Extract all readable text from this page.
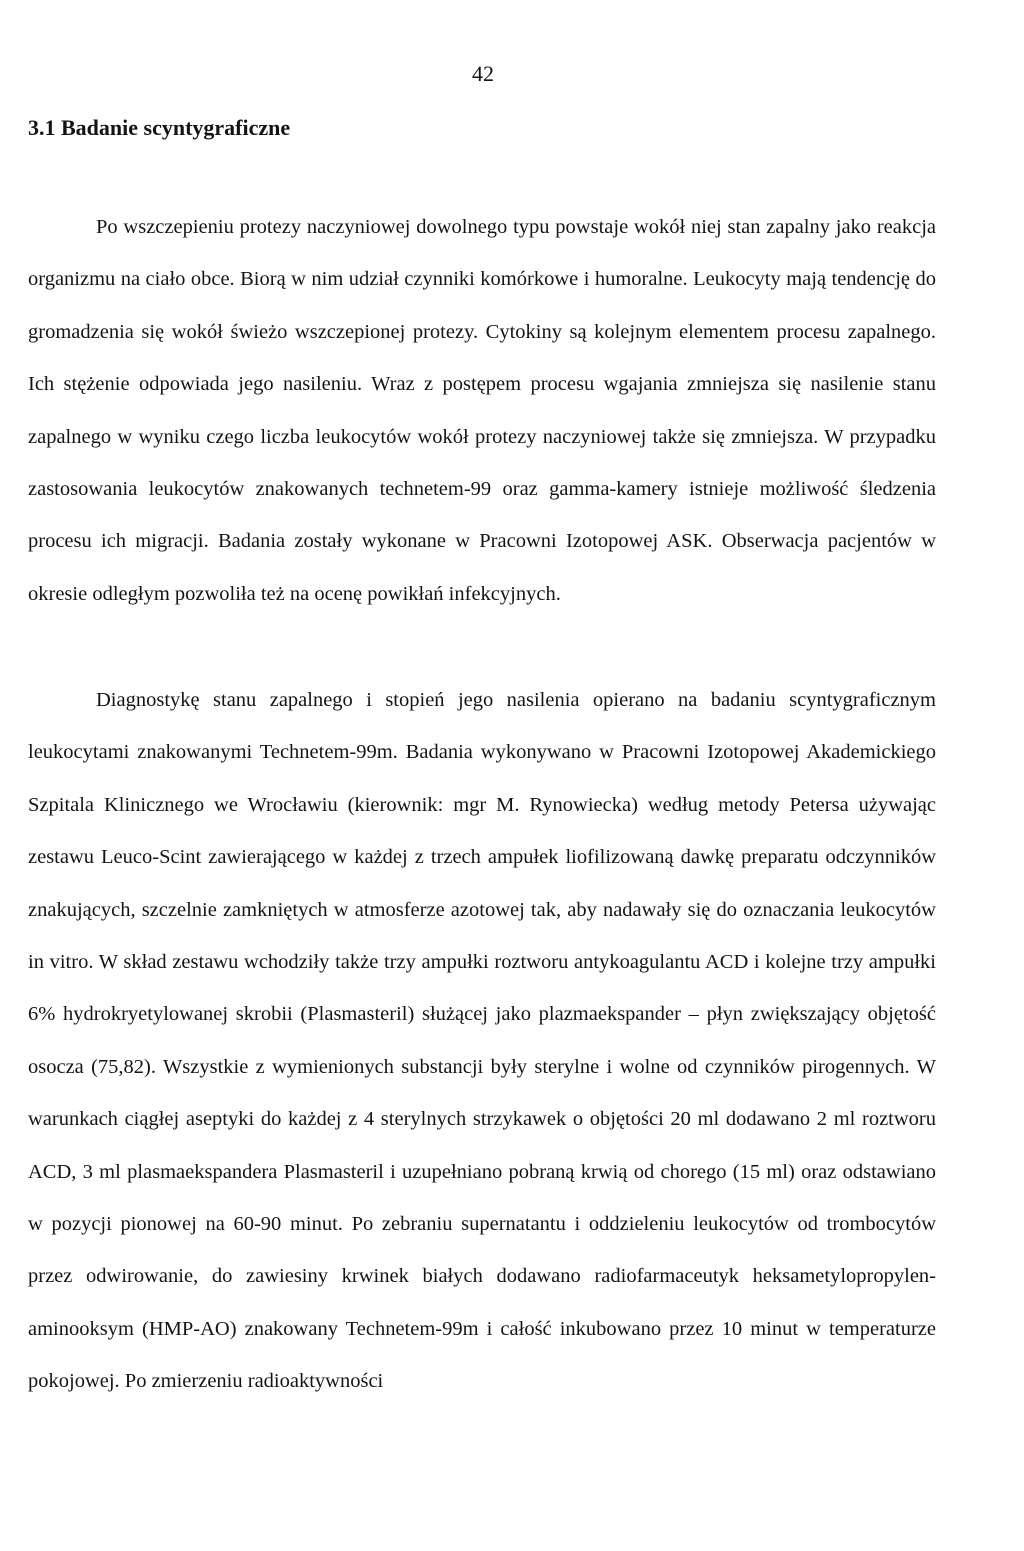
42
3.1 Badanie scyntygraficzne

Po wszczepieniu protezy naczyniowej dowolnego typu powstaje wokół niej stan zapalny jako reakcja organizmu na ciało obce. Biorą w nim udział czynniki komórkowe i humoralne. Leukocyty mają tendencję do gromadzenia się wokół świeżo wszczepionej protezy. Cytokiny są kolejnym elementem procesu zapalnego. Ich stężenie odpowiada jego nasileniu. Wraz z postępem procesu wgajania zmniejsza się nasilenie stanu zapalnego w wyniku czego liczba leukocytów wokół protezy naczyniowej także się zmniejsza. W przypadku zastosowania leukocytów znakowanych technetem-99 oraz gamma-kamery istnieje możliwość śledzenia procesu ich migracji. Badania zostały wykonane w Pracowni Izotopowej ASK. Obserwacja pacjentów w okresie odległym pozwoliła też na ocenę powikłań infekcyjnych.

Diagnostykę stanu zapalnego i stopień jego nasilenia opierano na badaniu scyntygraficznym leukocytami znakowanymi Technetem-99m. Badania wykonywano w Pracowni Izotopowej Akademickiego Szpitala Klinicznego we Wrocławiu (kierownik: mgr M. Rynowiecka) według metody Petersa używając zestawu Leuco-Scint zawierającego w każdej z trzech ampułek liofilizowaną dawkę preparatu odczynników znakujących, szczelnie zamkniętych w atmosferze azotowej tak, aby nadawały się do oznaczania leukocytów in vitro. W skład zestawu wchodziły także trzy ampułki roztworu antykoagulantu ACD i kolejne trzy ampułki 6% hydrokryetylowanej skrobii (Plasmasteril) służącej jako plazmaekspander – płyn zwiększający objętość osocza (75,82). Wszystkie z wymienionych substancji były sterylne i wolne od czynników pirogennych. W warunkach ciągłej aseptyki do każdej z 4 sterylnych strzykawek o objętości 20 ml dodawano 2 ml roztworu ACD, 3 ml plasmaekspandera Plasmasteril i uzupełniano pobraną krwią od chorego (15 ml) oraz odstawiano w pozycji pionowej na 60-90 minut. Po zebraniu supernatantu i oddzieleniu leukocytów od trombocytów przez odwirowanie, do zawiesiny krwinek białych dodawano radiofarmaceutyk heksametylopropylen-aminooksym (HMP-AO) znakowany Technetem-99m i całość inkubowano przez 10 minut w temperaturze pokojowej. Po zmierzeniu radioaktywności
